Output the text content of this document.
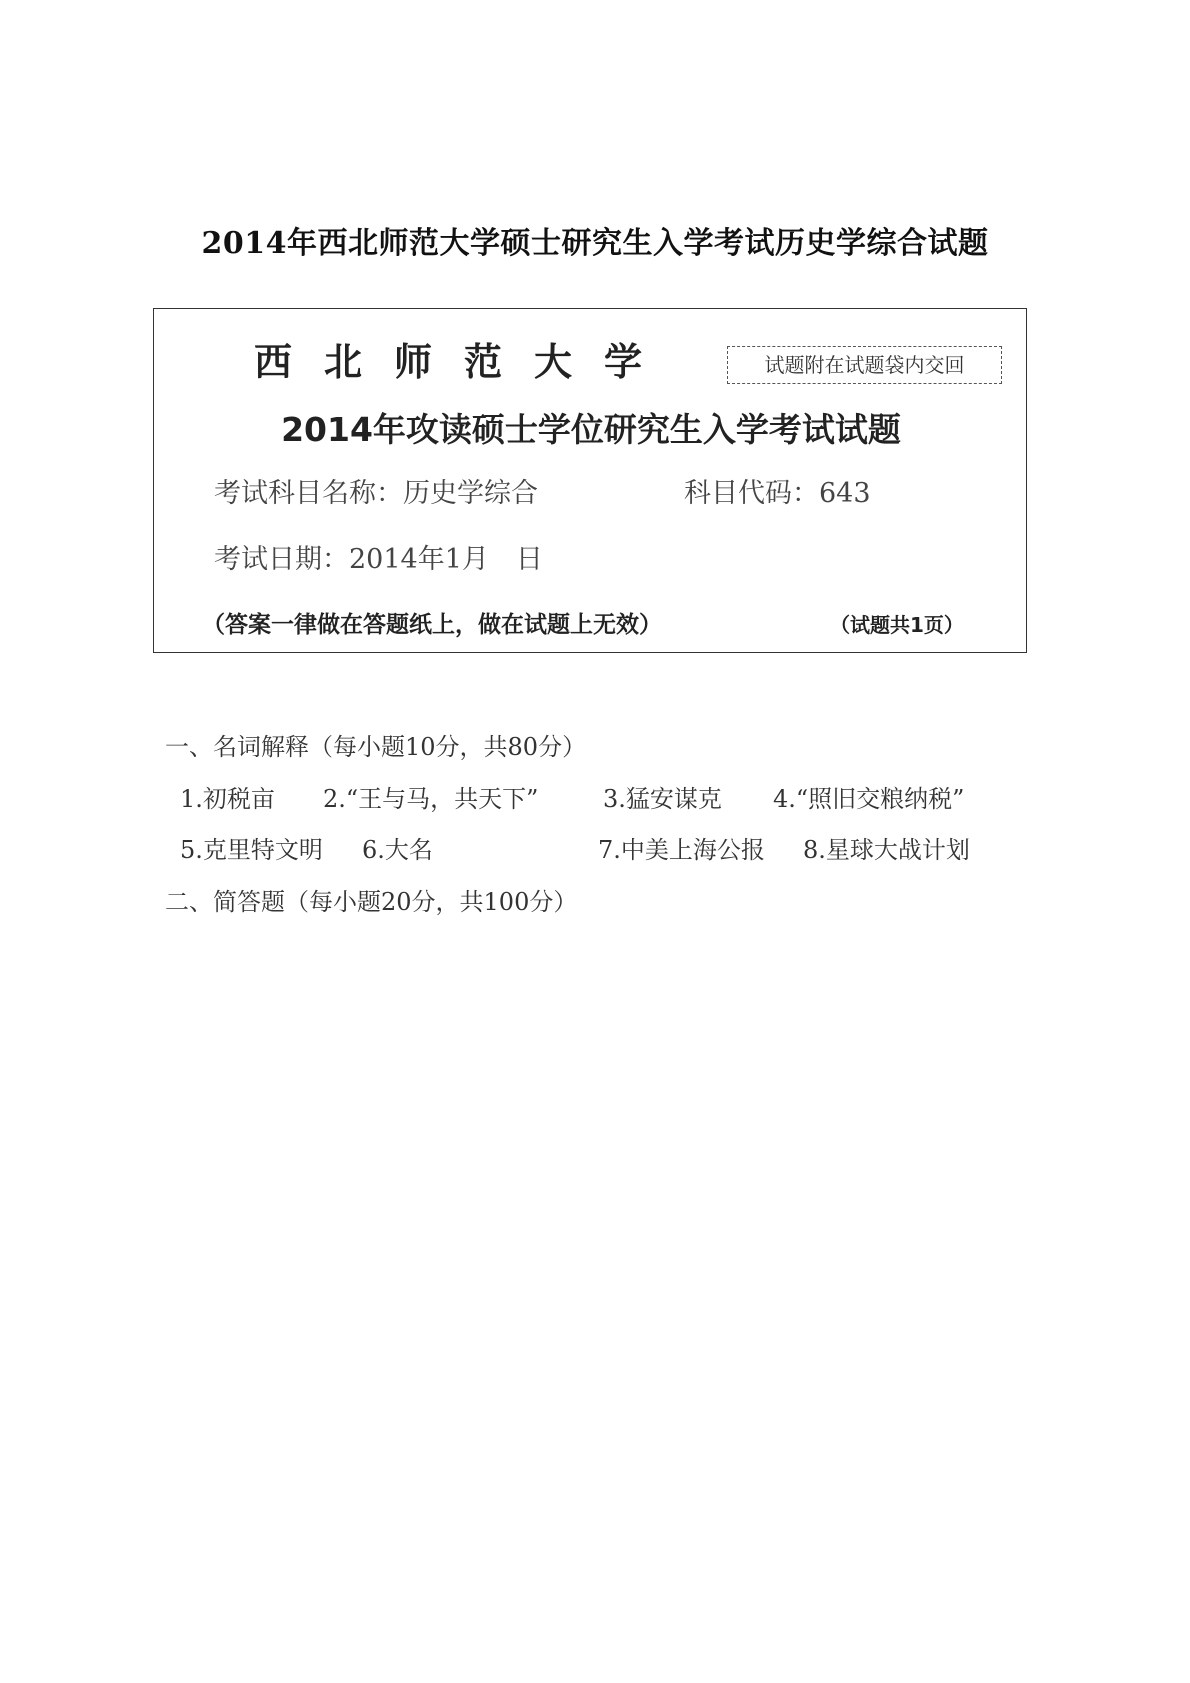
2014年西北师范大学硕士研究生入学考试历史学综合试题
西北师范大学	试题附在试题袋内交回
2014年攻读硕士学位研究生入学考试试题
考试科目名称：历史学综合	科目代码：643
考试日期：2014年1月　日
（答案一律做在答题纸上，做在试题上无效）	（试题共1页）
一、名词解释（每小题10分，共80分）
1.初税亩 2.“王与马，共天下”	3.猛安谋克 4.“照旧交粮纳税”
5.克里特文明 6.大名	7.中美上海公报 8.星球大战计划
二、简答题（每小题20分，共100分）
